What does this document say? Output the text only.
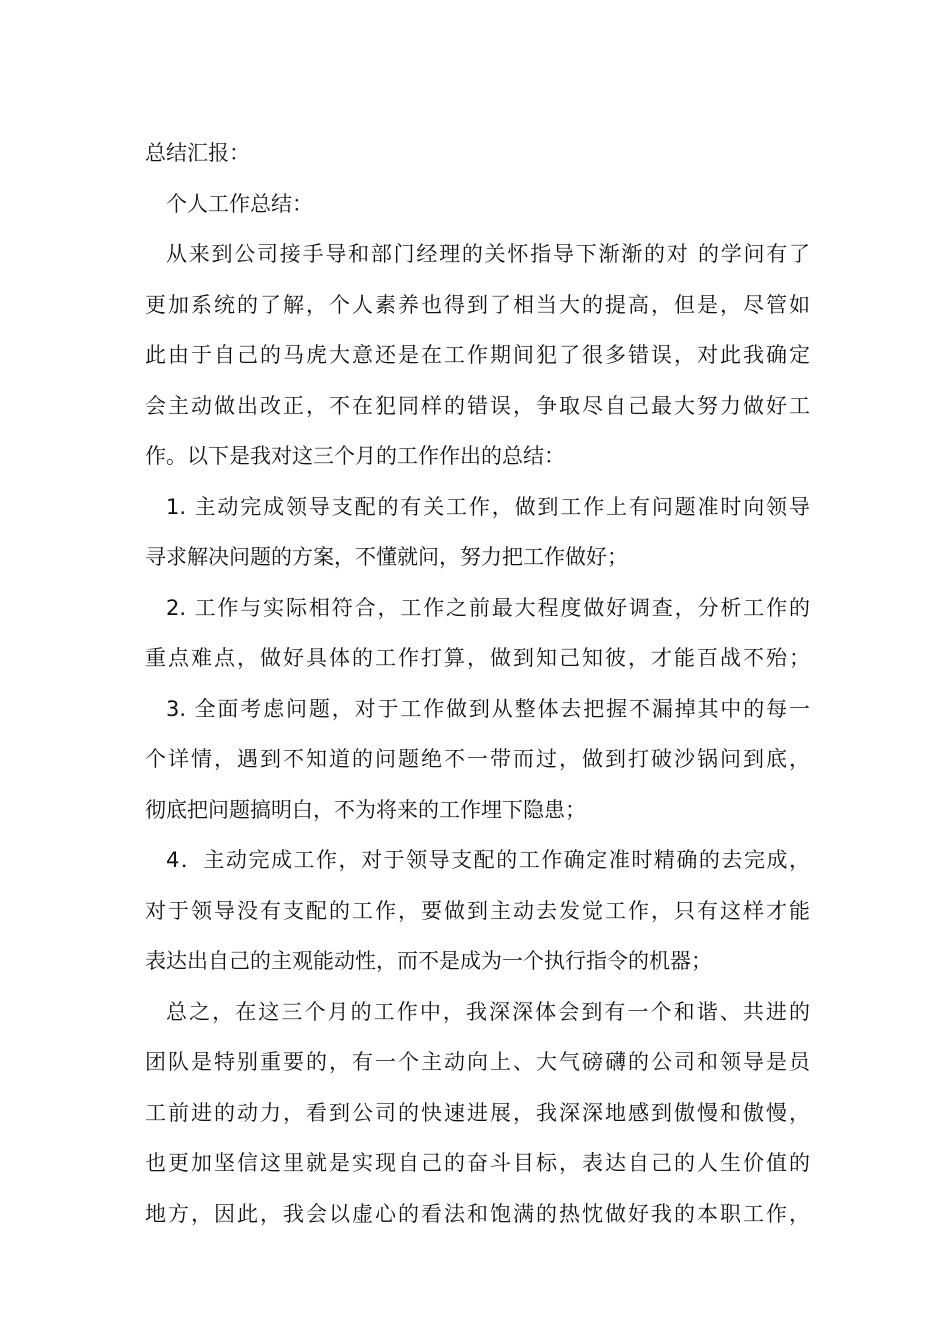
总结汇报：
个人工作总结：
从来到公司接手导和部门经理的关怀指导下渐渐的对 的学问有了
更加系统的了解，个人素养也得到了相当大的提高，但是，尽管如
此由于自己的马虎大意还是在工作期间犯了很多错误，对此我确定
会主动做出改正，不在犯同样的错误，争取尽自己最大努力做好工
作。以下是我对这三个月的工作作出的总结：
1. 主动完成领导支配的有关工作，做到工作上有问题准时向领导
寻求解决问题的方案，不懂就问，努力把工作做好；
2. 工作与实际相符合，工作之前最大程度做好调查，分析工作的
重点难点，做好具体的工作打算，做到知己知彼，才能百战不殆；
3. 全面考虑问题，对于工作做到从整体去把握不漏掉其中的每一
个详情，遇到不知道的问题绝不一带而过，做到打破沙锅问到底，
彻底把问题搞明白，不为将来的工作埋下隐患；
4．主动完成工作，对于领导支配的工作确定准时精确的去完成，
对于领导没有支配的工作，要做到主动去发觉工作，只有这样才能
表达出自己的主观能动性，而不是成为一个执行指令的机器；
总之，在这三个月的工作中，我深深体会到有一个和谐、共进的
团队是特别重要的，有一个主动向上、大气磅礴的公司和领导是员
工前进的动力，看到公司的快速进展，我深深地感到傲慢和傲慢，
也更加坚信这里就是实现自己的奋斗目标，表达自己的人生价值的
地方，因此，我会以虚心的看法和饱满的热忱做好我的本职工作，
